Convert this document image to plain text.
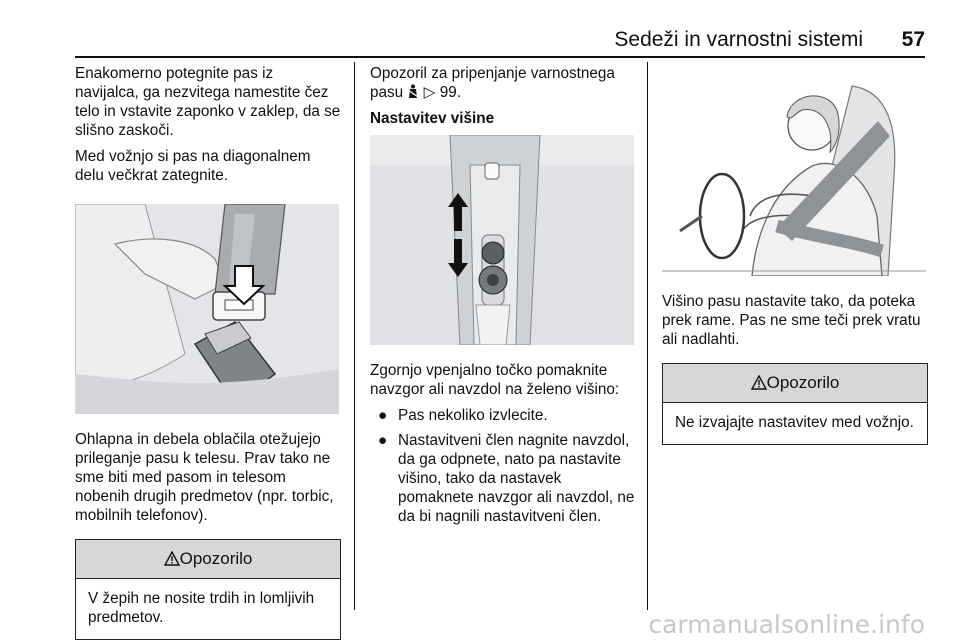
Sedeži in varnostni sistemi 57

Enakomerno potegnite pas iz navijalca, ga nezvitega namestite čez telo in vstavite zaponko v zaklep, da se slišno zaskoči.

Med vožnjo si pas na diagonalnem delu večkrat zategnite.

Ohlapna in debela oblačila otežujejo prileganje pasu k telesu. Prav tako ne sme biti med pasom in telesom nobenih drugih predmetov (npr. torbic, mobilnih telefonov).

Opozorilo
V žepih ne nosite trdih in lomljivih predmetov.

Opozoril za pripenjanje varnostnega pasu ▷ 99.

Nastavitev višine

Zgornjo vpenjalno točko pomaknite navzgor ali navzdol na želeno višino:

● Pas nekoliko izvlecite.
● Nastavitveni člen nagnite navzdol, da ga odpnete, nato pa nastavite višino, tako da nastavek pomaknete navzgor ali navzdol, ne da bi nagnili nastavitveni člen.

Višino pasu nastavite tako, da poteka prek rame. Pas ne sme teči prek vratu ali nadlahti.

Opozorilo
Ne izvajajte nastavitev med vožnjo.
carmanualsonline.info
